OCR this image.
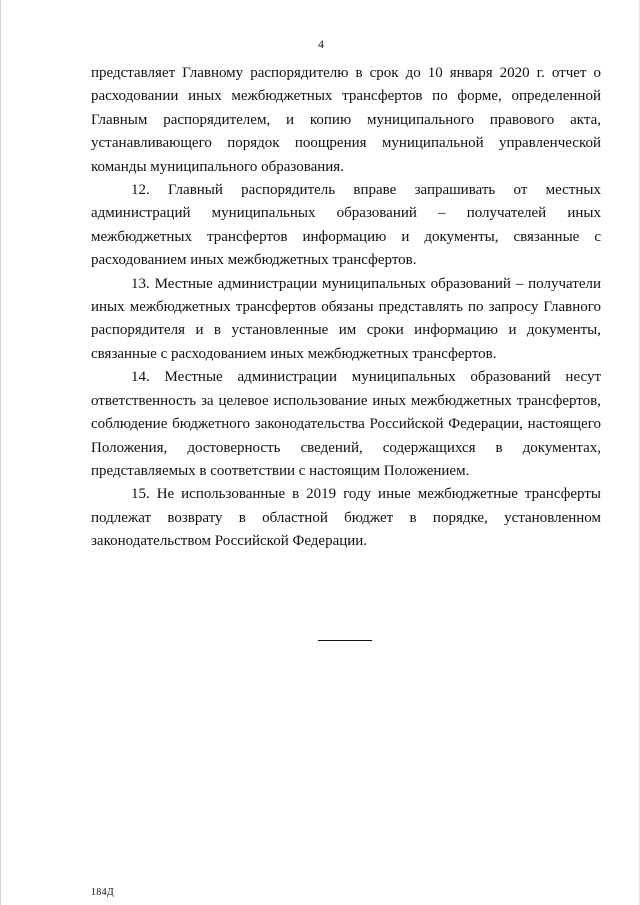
4

представляет Главному распорядителю в срок до 10 января 2020 г. отчет о расходовании иных межбюджетных трансфертов по форме, определенной Главным распорядителем, и копию муниципального правового акта, устанавливающего порядок поощрения муниципальной управленческой команды муниципального образования.

12. Главный распорядитель вправе запрашивать от местных администраций муниципальных образований – получателей иных межбюджетных трансфертов информацию и документы, связанные с расходованием иных межбюджетных трансфертов.

13. Местные администрации муниципальных образований – получатели иных межбюджетных трансфертов обязаны представлять по запросу Главного распорядителя и в установленные им сроки информацию и документы, связанные с расходованием иных межбюджетных трансфертов.

14. Местные администрации муниципальных образований несут ответственность за целевое использование иных межбюджетных трансфертов, соблюдение бюджетного законодательства Российской Федерации, настоящего Положения, достоверность сведений, содержащихся в документах, представляемых в соответствии с настоящим Положением.

15. Не использованные в 2019 году иные межбюджетные трансферты подлежат возврату в областной бюджет в порядке, установленном законодательством Российской Федерации.

184Д
